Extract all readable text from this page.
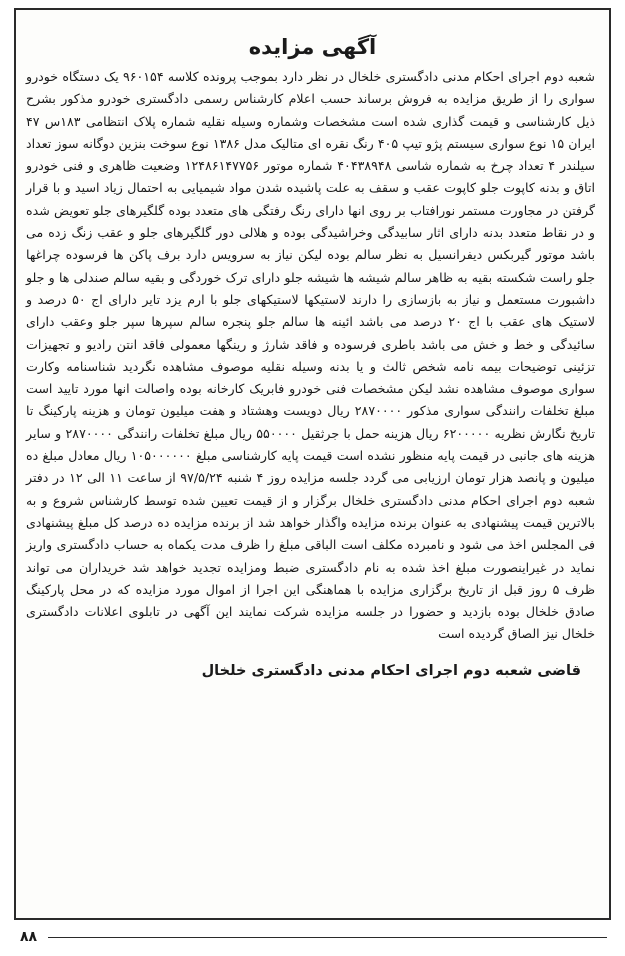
آگهی مزایده
شعبه دوم اجرای احکام مدنی دادگستری خلخال در نظر دارد بموجب پرونده کلاسه ۹۶۰۱۵۴ یک دستگاه خودرو سواری را از طریق مزایده به فروش برساند حسب اعلام کارشناس رسمی دادگستری خودرو مذکور بشرح ذیل کارشناسی و قیمت گذاری شده است مشخصات وشماره وسیله نقلیه شماره پلاک انتظامی ۱۸۳س ۴۷ ایران ۱۵ نوع سواری سیستم پژو تیپ ۴۰۵ رنگ نقره ای متالیک مدل ۱۳۸۶ نوع سوخت بنزین دوگانه سوز تعداد سیلندر ۴ تعداد چرخ به شماره شاسی ۴۰۴۳۸۹۴۸ شماره موتور ۱۲۴۸۶۱۴۷۷۵۶ وضعیت ظاهری و فنی خودرو اتاق و بدنه کاپوت جلو کاپوت عقب و سقف به علت پاشیده شدن مواد شیمیایی به احتمال زیاد اسید و با قرار گرفتن در مجاورت مستمر نورافتاب بر روی انها دارای رنگ رفتگی های متعدد بوده گلگیرهای جلو تعویض شده و در نقاط متعدد بدنه دارای اثار سابیدگی وخراشیدگی بوده و هلالی دور گلگیرهای جلو و عقب زنگ زده می باشد موتور گیربکس دیفرانسیل به نظر سالم بوده لیکن نیاز به سرویس دارد برف پاکن ها فرسوده چراغها جلو راست شکسته بقیه به ظاهر سالم شیشه ها شیشه جلو دارای ترک خوردگی و بقیه سالم صندلی ها و جلو داشبورت مستعمل و نیاز به بازسازی را دارند لاستیکها لاستیکهای جلو با ارم یزد تایر دارای اج ۵۰ درصد و لاستیک های عقب با اج ۲۰ درصد می باشد ائینه ها سالم جلو پنجره سالم سپرها سپر جلو وعقب دارای سائیدگی و خط و خش می باشد باطری فرسوده و فاقد شارژ و رینگها معمولی فاقد انتن رادیو و تجهیزات تزئینی توضیحات بیمه نامه شخص ثالث و یا بدنه وسیله نقلیه موصوف مشاهده نگردید شناسنامه وکارت سواری موصوف مشاهده نشد لیکن مشخصات فنی خودرو فابریک کارخانه بوده واصالت انها مورد تایید است مبلغ تخلفات رانندگی سواری مذکور ۲۸۷۰۰۰۰ ریال دویست وهشتاد و هفت میلیون تومان و هزینه پارکینگ تا تاریخ نگارش نظریه ۶۲۰۰۰۰۰ ریال هزینه حمل با جرثقیل ۵۵۰۰۰۰ ریال مبلغ تخلفات رانندگی ۲۸۷۰۰۰۰ و سایر هزینه های جانبی در قیمت پایه منظور نشده است قیمت پایه کارشناسی مبلغ ۱۰۵۰۰۰۰۰۰ ریال معادل مبلغ ده میلیون و پانصد هزار تومان ارزیابی می گردد جلسه مزایده روز ۴ شنبه ۹۷/۵/۲۴ از ساعت ۱۱ الی ۱۲ در دفتر شعبه دوم اجرای احکام مدنی دادگستری خلخال برگزار و از قیمت تعیین شده توسط کارشناس شروع و به بالاترین قیمت پیشنهادی به عنوان برنده مزایده واگذار خواهد شد از برنده مزایده ده درصد کل مبلغ پیشنهادی فی المجلس اخذ می شود و نامبرده مکلف است الباقی مبلغ را ظرف مدت یکماه به حساب دادگستری واریز نماید در غیراینصورت مبلغ اخذ شده به نام دادگستری ضبط ومزایده تجدید خواهد شد خریداران می تواند ظرف ۵ روز قبل از تاریخ برگزاری مزایده با هماهنگی این اجرا از اموال مورد مزایده که در محل پارکینگ صادق خلخال بوده بازدید و حضورا در جلسه مزایده شرکت نمایند این آگهی در تابلوی اعلانات دادگستری خلخال نیز الصاق گردیده است
قاضی شعبه دوم اجرای احکام مدنی دادگستری خلخال
۸۸
